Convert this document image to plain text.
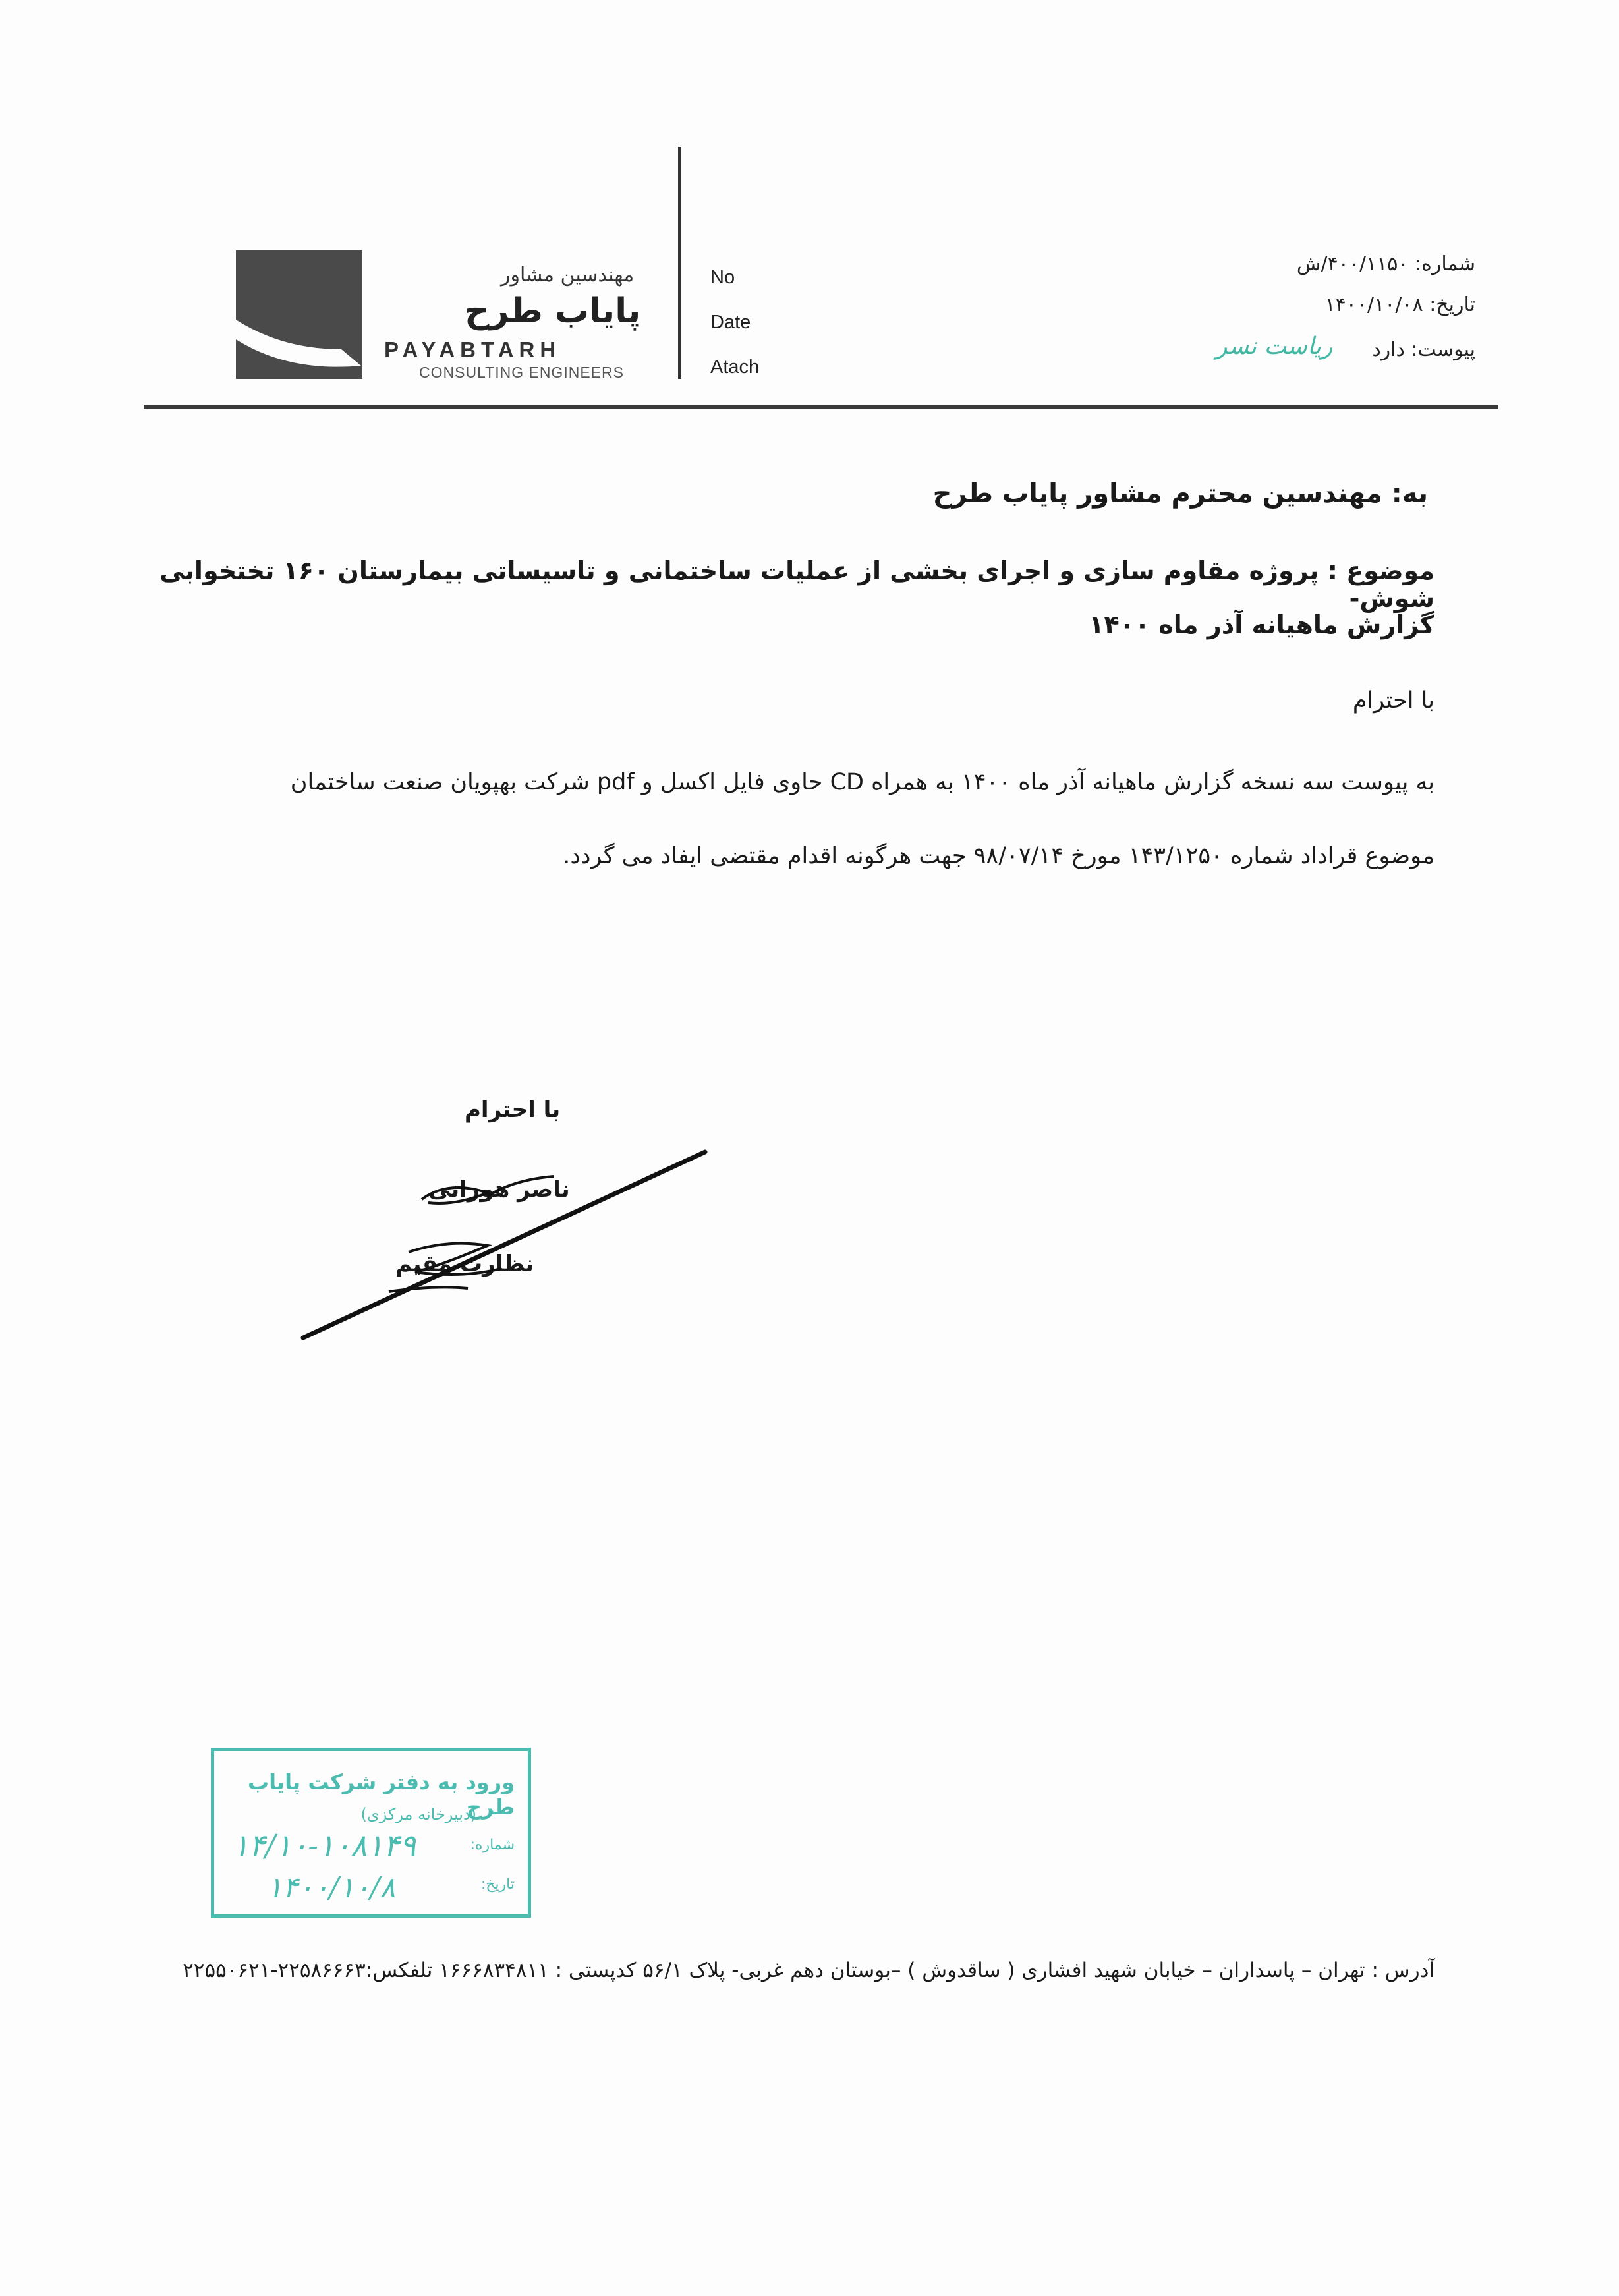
مهندسین مشاور
پایاب طرح
PAYABTARH
CONSULTING ENGINEERS
No
Date
Atach
شماره: ۴۰۰/۱۱۵۰/ش
تاریخ: ۱۴۰۰/۱۰/۰۸
پیوست: دارد
ریاست نسر
به: مهندسین محترم مشاور پایاب طرح
موضوع : پروژه مقاوم سازی و اجرای بخشی از عملیات ساختمانی و تاسیساتی بیمارستان ۱۶۰ تختخوابی شوش-
گزارش ماهیانه آذر ماه ۱۴۰۰
با احترام
به پیوست سه نسخه گزارش ماهیانه آذر ماه ۱۴۰۰ به همراه CD حاوی فایل اکسل و pdf شرکت بهپویان صنعت ساختمان
موضوع قراداد شماره ۱۴۳/۱۲۵۰ مورخ ۹۸/۰۷/۱۴ جهت هرگونه اقدام مقتضی ایفاد می گردد.
با احترام
ناصر هورانی
نظارت مقیم
ورود به دفتر شرکت پایاب طرح
(دبیرخانه مرکزی)
شماره:
تاریخ:
۱۴/۱۰-۱۰۸۱۴۹
۱۴۰۰/۱۰/۸
آدرس : تهران – پاسداران – خیابان شهید افشاری ( ساقدوش ) –بوستان دهم غربی- پلاک ۵۶/۱ کدپستی : ۱۶۶۶۸۳۴۸۱۱ تلفکس:۲۲۵۸۶۶۶۳-۲۲۵۵۰۶۲۱
